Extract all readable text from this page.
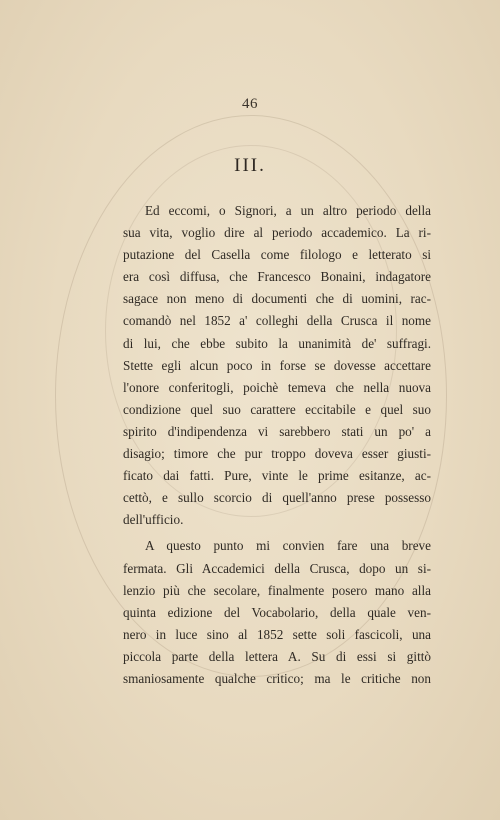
46
III.
Ed eccomi, o Signori, a un altro periodo della
sua vita, voglio dire al periodo accademico. La ri-
putazione del Casella come filologo e letterato si
era così diffusa, che Francesco Bonaini, indagatore
sagace non meno di documenti che di uomini, rac-
comandò nel 1852 a' colleghi della Crusca il nome
di lui, che ebbe subito la unanimità de' suffragi.
Stette egli alcun poco in forse se dovesse accettare
l'onore conferitogli, poichè temeva che nella nuova
condizione quel suo carattere eccitabile e quel suo
spirito d'indipendenza vi sarebbero stati un po' a
disagio; timore che pur troppo doveva esser giusti-
ficato dai fatti. Pure, vinte le prime esitanze, ac-
cettò, e sullo scorcio di quell'anno prese possesso
dell'ufficio.
A questo punto mi convien fare una breve
fermata. Gli Accademici della Crusca, dopo un si-
lenzio più che secolare, finalmente posero mano alla
quinta edizione del Vocabolario, della quale ven-
nero in luce sino al 1852 sette soli fascicoli, una
piccola parte della lettera A. Su di essi si gittò
smaniosamente qualche critico; ma le critiche non
